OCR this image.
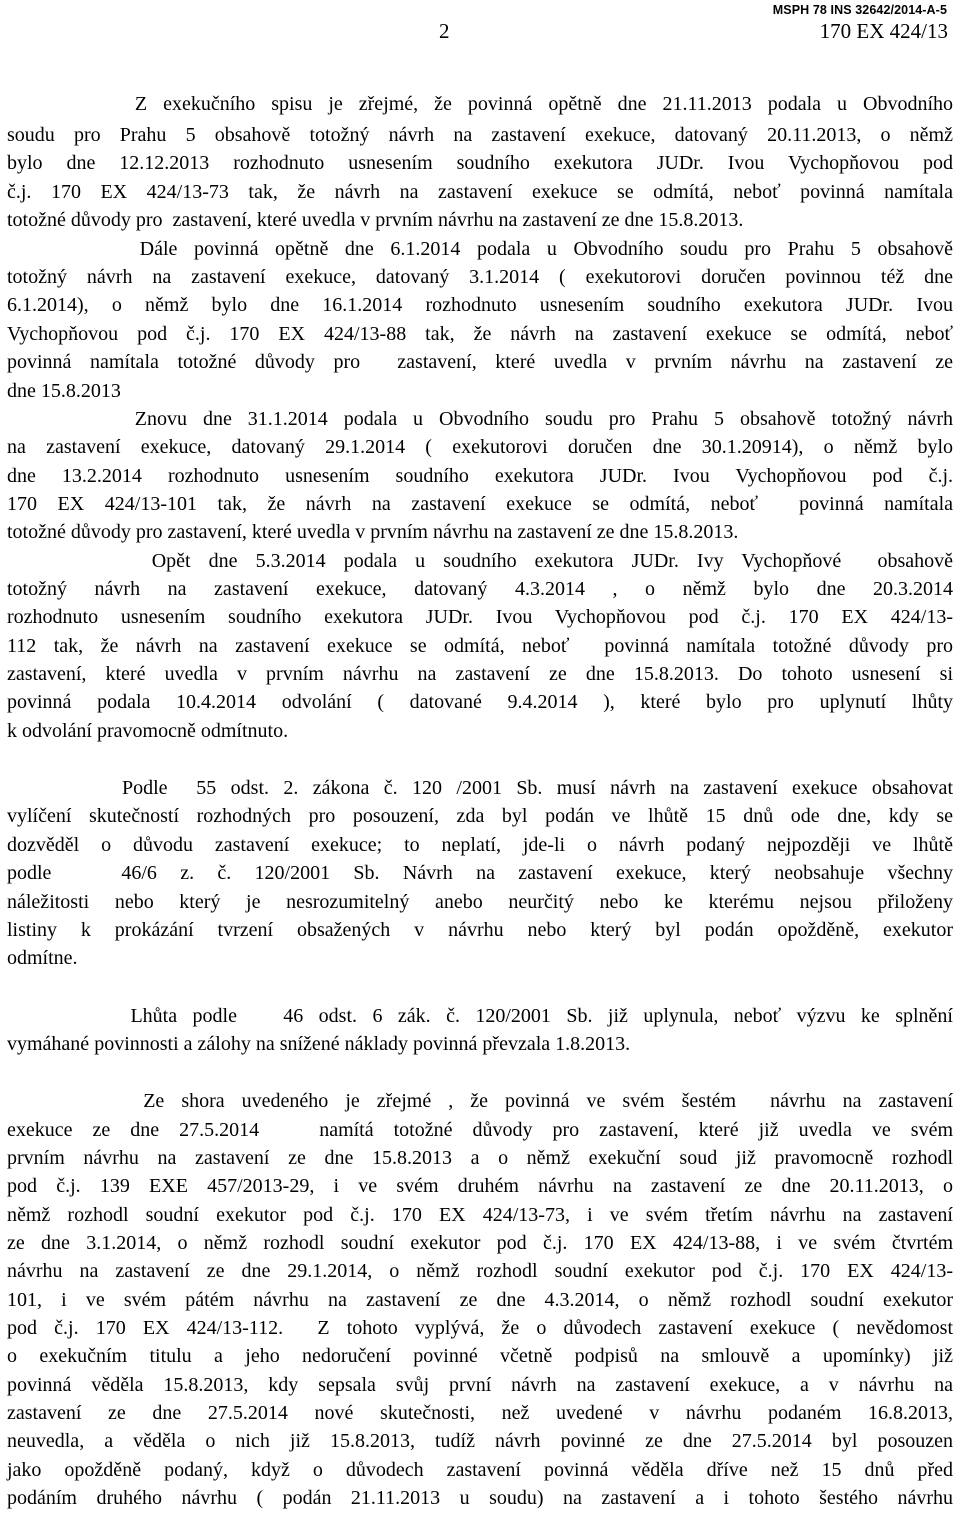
MSPH 78 INS 32642/2014-A-5
2	170 EX 424/13
Z exekučního spisu je zřejmé, že povinná opětně dne 21.11.2013 podala u Obvodního
soudu pro Prahu 5 obsahově totožný návrh na zastavení exekuce, datovaný 20.11.2013, o němž
bylo dne 12.12.2013 rozhodnuto usnesením soudního exekutora JUDr. Ivou Vychopňovou pod
č.j. 170 EX 424/13-73 tak, že návrh na zastavení exekuce se odmítá, neboť povinná namítala
totožné důvody pro  zastavení, které uvedla v prvním návrhu na zastavení ze dne 15.8.2013.
Dále povinná opětně dne 6.1.2014 podala u Obvodního soudu pro Prahu 5 obsahově
totožný návrh na zastavení exekuce, datovaný 3.1.2014 ( exekutorovi doručen povinnou též dne
6.1.2014), o němž bylo dne 16.1.2014 rozhodnuto usnesením soudního exekutora JUDr. Ivou
Vychopňovou pod č.j. 170 EX 424/13-88 tak, že návrh na zastavení exekuce se odmítá, neboť
povinná namítala totožné důvody pro  zastavení, které uvedla v prvním návrhu na zastavení ze
dne 15.8.2013
Znovu dne 31.1.2014 podala u Obvodního soudu pro Prahu 5 obsahově totožný návrh
na zastavení exekuce, datovaný 29.1.2014 ( exekutorovi doručen dne 30.1.20914), o němž bylo
dne 13.2.2014 rozhodnuto usnesením soudního exekutora JUDr. Ivou Vychopňovou pod č.j.
170 EX 424/13-101 tak, že návrh na zastavení exekuce se odmítá, neboť  povinná namítala
totožné důvody pro zastavení, které uvedla v prvním návrhu na zastavení ze dne 15.8.2013.
Opět dne 5.3.2014 podala u soudního exekutora JUDr. Ivy Vychopňové  obsahově
totožný návrh na zastavení exekuce, datovaný 4.3.2014 , o němž bylo dne 20.3.2014
rozhodnuto usnesením soudního exekutora JUDr. Ivou Vychopňovou pod č.j. 170 EX 424/13-
112 tak, že návrh na zastavení exekuce se odmítá, neboť  povinná namítala totožné důvody pro
zastavení, které uvedla v prvním návrhu na zastavení ze dne 15.8.2013. Do tohoto usnesení si
povinná podala 10.4.2014 odvolání ( datované 9.4.2014 ), které bylo pro uplynutí lhůty
k odvolání pravomocně odmítnuto.
Podle  55 odst. 2. zákona č. 120 /2001 Sb. musí návrh na zastavení exekuce obsahovat
vylíčení skutečností rozhodných pro posouzení, zda byl podán ve lhůtě 15 dnů ode dne, kdy se
dozvěděl o důvodu zastavení exekuce; to neplatí, jde-li o návrh podaný nejpozději ve lhůtě
podle   46/6 z. č. 120/2001 Sb. Návrh na zastavení exekuce, který neobsahuje všechny
náležitosti nebo který je nesrozumitelný anebo neurčitý nebo ke kterému nejsou přiloženy
listiny k prokázání tvrzení obsažených v návrhu nebo který byl podán opožděně, exekutor
odmítne.
Lhůta podle   46 odst. 6 zák. č. 120/2001 Sb. již uplynula, neboť výzvu ke splnění
vymáhané povinnosti a zálohy na snížené náklady povinná převzala 1.8.2013.
Ze shora uvedeného je zřejmé , že povinná ve svém šestém  návrhu na zastavení
exekuce ze dne 27.5.2014   namítá totožné důvody pro zastavení, které již uvedla ve svém
prvním návrhu na zastavení ze dne 15.8.2013 a o němž exekuční soud již pravomocně rozhodl
pod č.j. 139 EXE 457/2013-29, i ve svém druhém návrhu na zastavení ze dne 20.11.2013, o
němž rozhodl soudní exekutor pod č.j. 170 EX 424/13-73, i ve svém třetím návrhu na zastavení
ze dne 3.1.2014, o němž rozhodl soudní exekutor pod č.j. 170 EX 424/13-88, i ve svém čtvrtém
návrhu na zastavení ze dne 29.1.2014, o němž rozhodl soudní exekutor pod č.j. 170 EX 424/13-
101, i ve svém pátém návrhu na zastavení ze dne 4.3.2014, o němž rozhodl soudní exekutor
pod č.j. 170 EX 424/13-112.  Z tohoto vyplývá, že o důvodech zastavení exekuce ( nevědomost
o exekučním titulu a jeho nedoručení povinné včetně podpisů na smlouvě a upomínky) již
povinná věděla 15.8.2013, kdy sepsala svůj první návrh na zastavení exekuce, a v návrhu na
zastavení ze dne 27.5.2014 nové skutečnosti, než uvedené v návrhu podaném 16.8.2013,
neuvedla, a věděla o nich již 15.8.2013, tudíž návrh povinné ze dne 27.5.2014 byl posouzen
jako opožděně podaný, když o důvodech zastavení povinná věděla dříve než 15 dnů před
podáním druhého návrhu ( podán 21.11.2013 u soudu) na zastavení a i tohoto šestého návrhu
